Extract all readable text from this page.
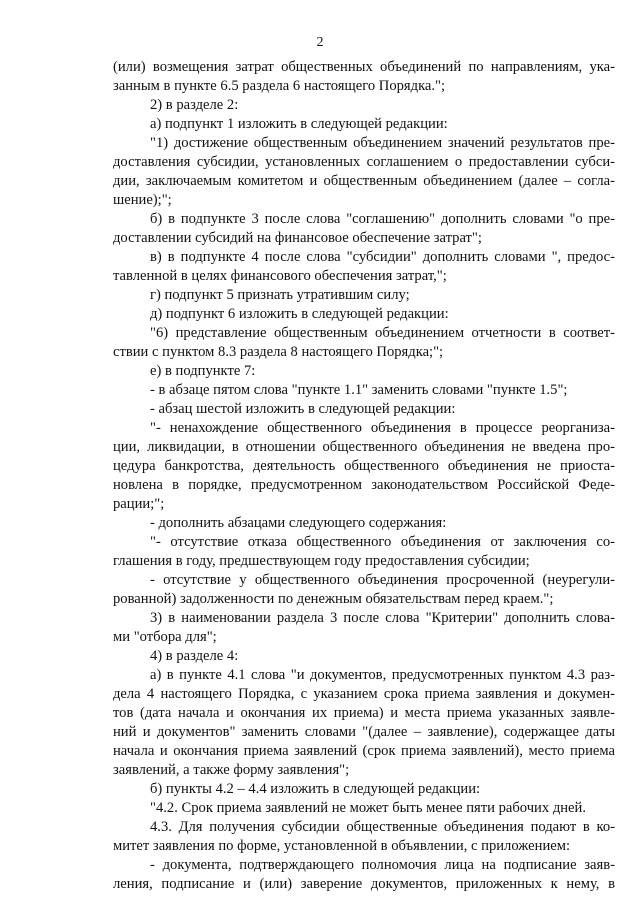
2
(или) возмещения затрат общественных объединений по направлениям, ука-
занным в пункте 6.5 раздела 6 настоящего Порядка.";
2) в разделе 2:
а) подпункт 1 изложить в следующей редакции:
"1) достижение общественным объединением значений результатов пре-
доставления субсидии, установленных соглашением о предоставлении субси-
дии, заключаемым комитетом и общественным объединением (далее – согла-
шение);";
б) в подпункте 3 после слова "соглашению" дополнить словами "о пре-
доставлении субсидий на финансовое обеспечение затрат";
в) в подпункте 4 после слова "субсидии" дополнить словами ", предос-
тавленной в целях финансового обеспечения затрат,";
г) подпункт 5 признать утратившим силу;
д) подпункт 6 изложить в следующей редакции:
"6) представление общественным объединением отчетности в соответ-
ствии с пунктом 8.3 раздела 8 настоящего Порядка;";
е) в подпункте 7:
- в абзаце пятом слова "пункте 1.1" заменить словами "пункте 1.5";
- абзац шестой изложить в следующей редакции:
"- ненахождение общественного объединения в процессе реорганиза-
ции, ликвидации, в отношении общественного объединения не введена про-
цедура банкротства, деятельность общественного объединения не приоста-
новлена в порядке, предусмотренном законодательством Российской Феде-
рации;";
- дополнить абзацами следующего содержания:
"- отсутствие отказа общественного объединения от заключения со-
глашения в году, предшествующем году предоставления субсидии;
- отсутствие у общественного объединения просроченной (неурегули-
рованной) задолженности по денежным обязательствам перед краем.";
3) в наименовании раздела 3 после слова "Критерии" дополнить слова-
ми "отбора для";
4) в разделе 4:
а) в пункте 4.1 слова "и документов, предусмотренных пунктом 4.3 раз-
дела 4 настоящего Порядка, с указанием срока приема заявления и докумен-
тов (дата начала и окончания их приема) и места приема указанных заявле-
ний и документов" заменить словами "(далее – заявление), содержащее даты
начала и окончания приема заявлений (срок приема заявлений), место приема
заявлений, а также форму заявления";
б) пункты 4.2 – 4.4 изложить в следующей редакции:
"4.2. Срок приема заявлений не может быть менее пяти рабочих дней.
4.3. Для получения субсидии общественные объединения подают в ко-
митет заявления по форме, установленной в объявлении, с приложением:
- документа, подтверждающего полномочия лица на подписание заяв-
ления, подписание и (или) заверение документов, приложенных к нему, в
